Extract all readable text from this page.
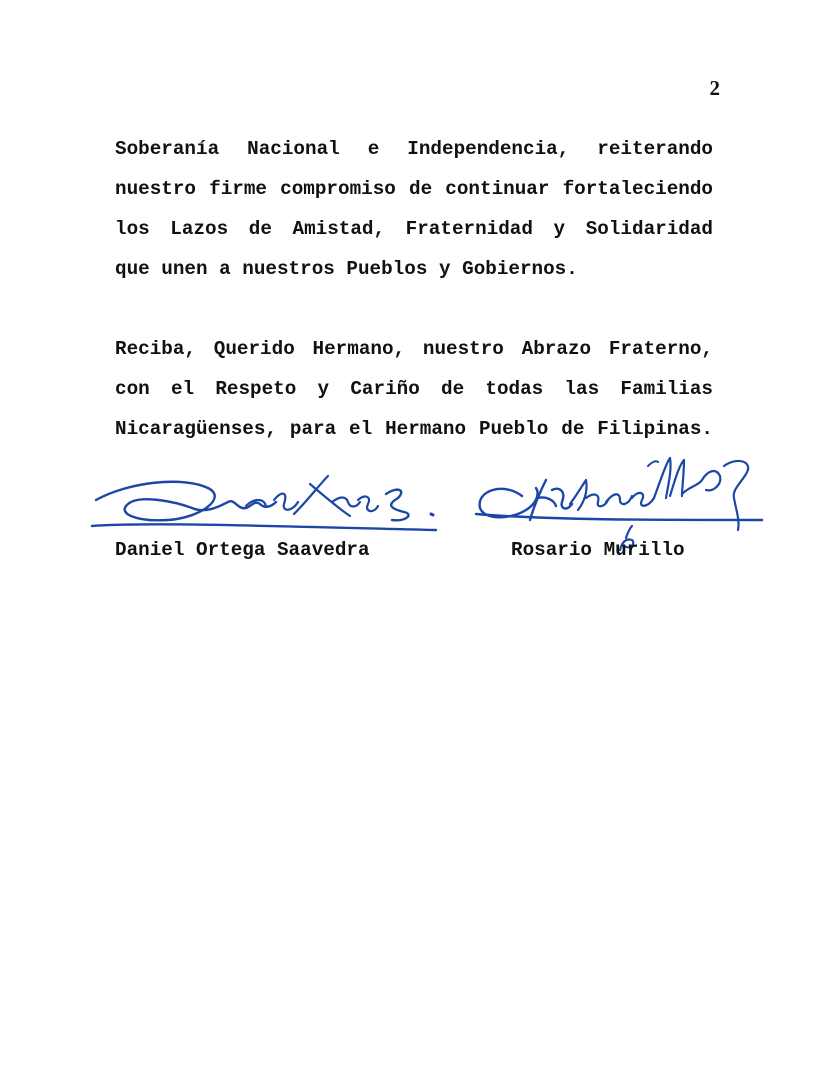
2
Soberanía Nacional e Independencia, reiterando
nuestro firme compromiso de continuar fortaleciendo
los Lazos de Amistad, Fraternidad y Solidaridad
que unen a nuestros Pueblos y Gobiernos.
Reciba, Querido Hermano, nuestro Abrazo Fraterno,
con el Respeto y Cariño de todas las Familias
Nicaragüenses, para el Hermano Pueblo de Filipinas.
Daniel Ortega Saavedra	Rosario Murillo
